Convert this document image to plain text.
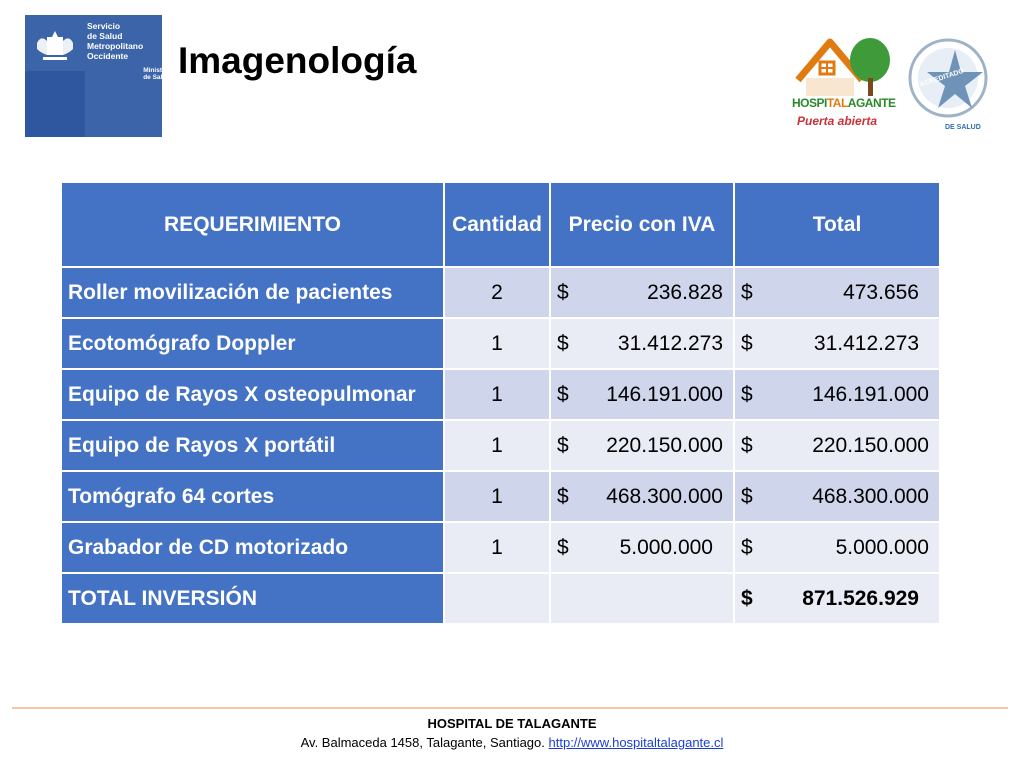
Servicio
de Salud
Metropolitano
Occidente
Ministerio de Salud
Gobierno de Chile
Imagenología
HOSPITALAGANTE
Puerta abierta
ACREDITADO
DE SALUD
REQUERIMIENTO	Cantidad	Precio con IVA	Total
Roller movilización de pacientes	2	$ 236.828	$ 473.656

Ecotomógrafo Doppler	1	$ 31.412.273	$ 31.412.273

Equipo de Rayos X osteopulmonar	1	$ 146.191.000	$ 146.191.000

Equipo de Rayos X portátil	1	$ 220.150.000	$ 220.150.000

Tomógrafo 64 cortes	1	$ 468.300.000	$ 468.300.000

Grabador de CD motorizado	1	$ 5.000.000	$ 5.000.000

TOTAL INVERSIÓN			$ 871.526.929
HOSPITAL DE TALAGANTE
Av. Balmaceda 1458, Talagante, Santiago. http://www.hospitaltalagante.cl
